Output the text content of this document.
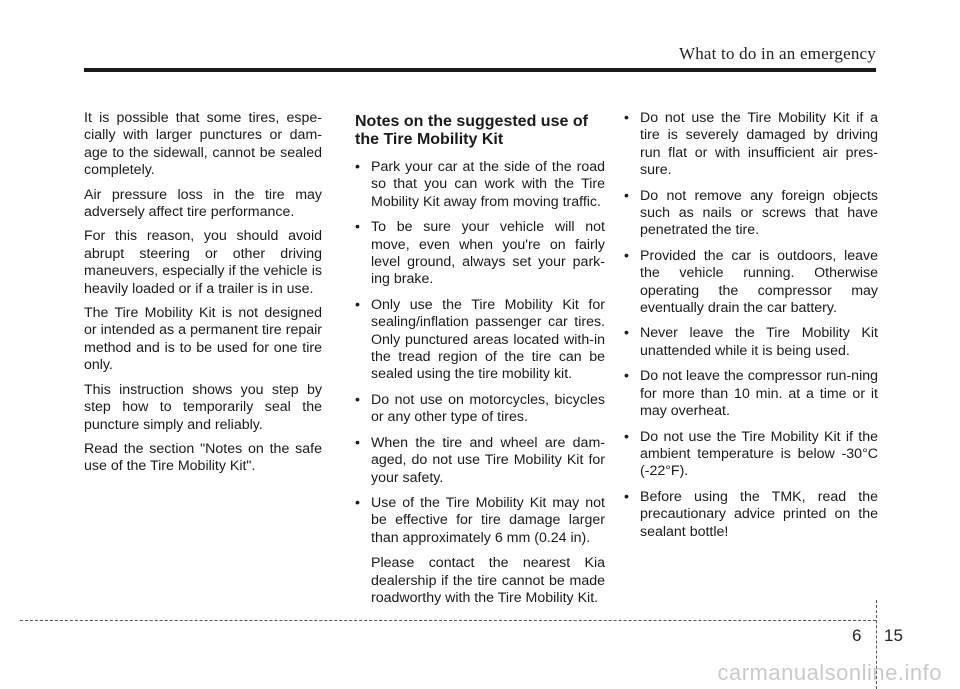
What to do in an emergency

It is possible that some tires, espe-cially with larger punctures or dam-age to the sidewall, cannot be sealed completely.

Air pressure loss in the tire may adversely affect tire performance.

For this reason, you should avoid abrupt steering or other driving maneuvers, especially if the vehicle is heavily loaded or if a trailer is in use.

The Tire Mobility Kit is not designed or intended as a permanent tire repair method and is to be used for one tire only.

This instruction shows you step by step how to temporarily seal the puncture simply and reliably.

Read the section "Notes on the safe use of the Tire Mobility Kit".

Notes on the suggested use of the Tire Mobility Kit
• Park your car at the side of the road so that you can work with the Tire Mobility Kit away from moving traffic.
• To be sure your vehicle will not move, even when you're on fairly level ground, always set your park-ing brake.
• Only use the Tire Mobility Kit for sealing/inflation passenger car tires. Only punctured areas located with-in the tread region of the tire can be sealed using the tire mobility kit.
• Do not use on motorcycles, bicycles or any other type of tires.
• When the tire and wheel are dam-aged, do not use Tire Mobility Kit for your safety.
• Use of the Tire Mobility Kit may not be effective for tire damage larger than approximately 6 mm (0.24 in).

Please contact the nearest Kia dealership if the tire cannot be made roadworthy with the Tire Mobility Kit.

• Do not use the Tire Mobility Kit if a tire is severely damaged by driving run flat or with insufficient air pres-sure.
• Do not remove any foreign objects such as nails or screws that have penetrated the tire.
• Provided the car is outdoors, leave the vehicle running. Otherwise operating the compressor may eventually drain the car battery.
• Never leave the Tire Mobility Kit unattended while it is being used.
• Do not leave the compressor run-ning for more than 10 min. at a time or it may overheat.
• Do not use the Tire Mobility Kit if the ambient temperature is below -30°C (-22°F).
• Before using the TMK, read the precautionary advice printed on the sealant bottle!
6 15
carmanualsonline.info
